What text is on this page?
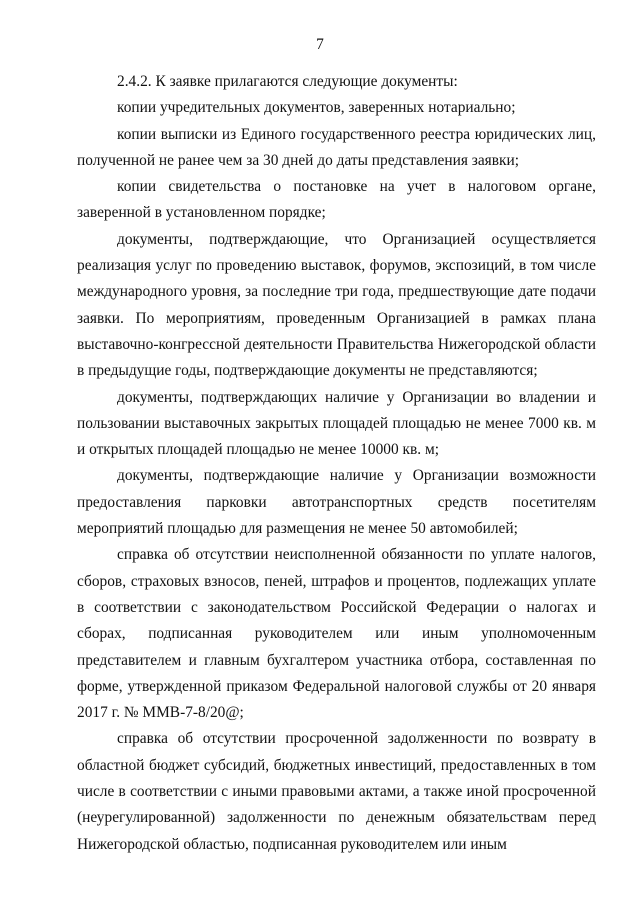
7

2.4.2. К заявке прилагаются следующие документы:

копии учредительных документов, заверенных нотариально;

копии выписки из Единого государственного реестра юридических лиц, полученной не ранее чем за 30 дней до даты представления заявки;

копии свидетельства о постановке на учет в налоговом органе, заверенной в установленном порядке;

документы, подтверждающие, что Организацией осуществляется реализация услуг по проведению выставок, форумов, экспозиций, в том числе международного уровня, за последние три года, предшествующие дате подачи заявки. По мероприятиям, проведенным Организацией в рамках плана выставочно-конгрессной деятельности Правительства Нижегородской области в предыдущие годы, подтверждающие документы не представляются;

документы, подтверждающих наличие у Организации во владении и пользовании выставочных закрытых площадей площадью не менее 7000 кв. м и открытых площадей площадью не менее 10000 кв. м;

документы, подтверждающие наличие у Организации возможности предоставления парковки автотранспортных средств посетителям мероприятий площадью для размещения не менее 50 автомобилей;

справка об отсутствии неисполненной обязанности по уплате налогов, сборов, страховых взносов, пеней, штрафов и процентов, подлежащих уплате в соответствии с законодательством Российской Федерации о налогах и сборах, подписанная руководителем или иным уполномоченным представителем и главным бухгалтером участника отбора, составленная по форме, утвержденной приказом Федеральной налоговой службы от 20 января 2017 г. № ММВ-7-8/20@;

справка об отсутствии просроченной задолженности по возврату в областной бюджет субсидий, бюджетных инвестиций, предоставленных в том числе в соответствии с иными правовыми актами, а также иной просроченной (неурегулированной) задолженности по денежным обязательствам перед Нижегородской областью, подписанная руководителем или иным
